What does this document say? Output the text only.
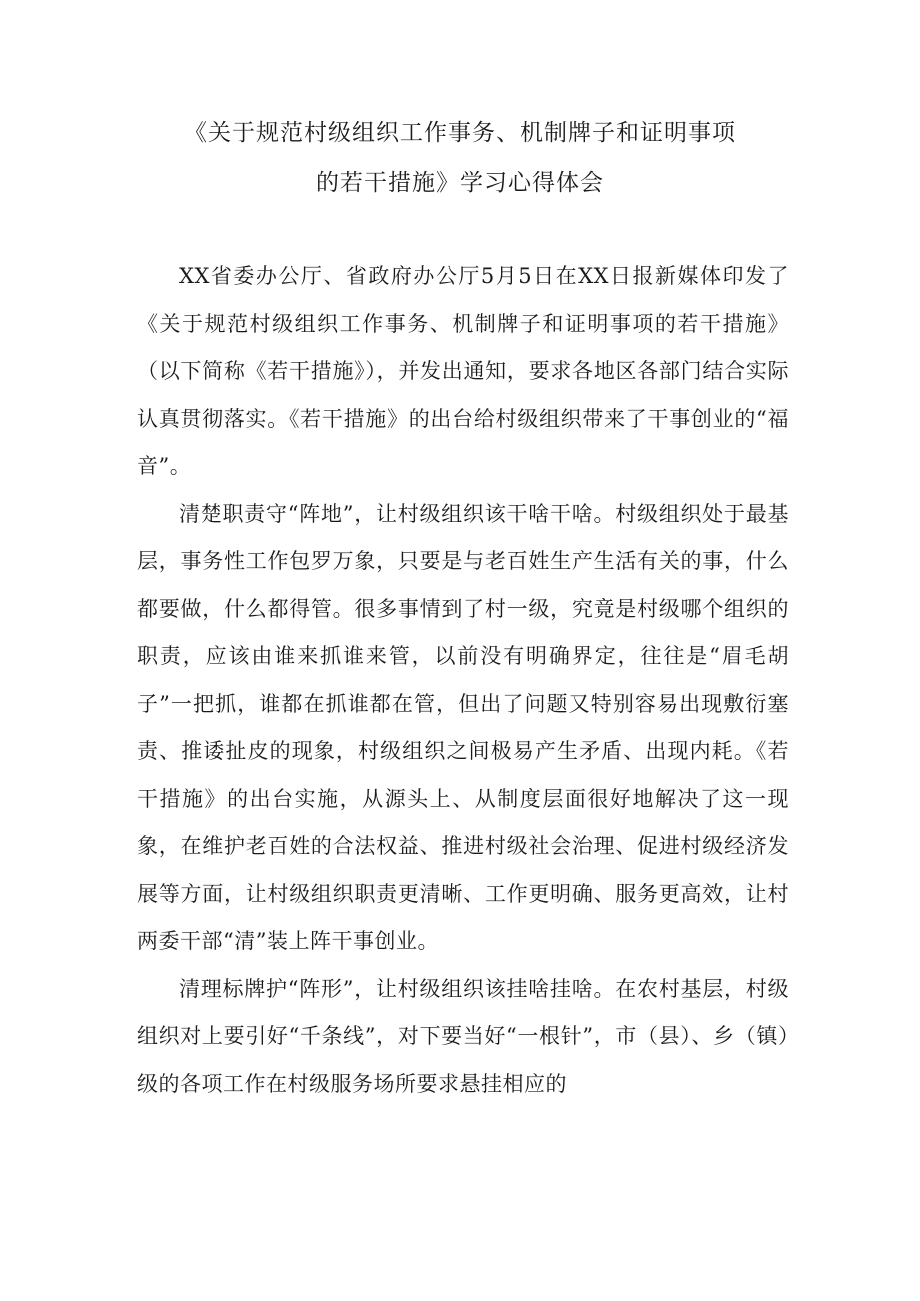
《关于规范村级组织工作事务、机制牌子和证明事项
的若干措施》学习心得体会

XX省委办公厅、省政府办公厅5月5日在XX日报新媒体印发了《关于规范村级组织工作事务、机制牌子和证明事项的若干措施》（以下简称《若干措施》），并发出通知，要求各地区各部门结合实际认真贯彻落实。《若干措施》的出台给村级组织带来了干事创业的“福音”。

清楚职责守“阵地”，让村级组织该干啥干啥。村级组织处于最基层，事务性工作包罗万象，只要是与老百姓生产生活有关的事，什么都要做，什么都得管。很多事情到了村一级，究竟是村级哪个组织的职责，应该由谁来抓谁来管，以前没有明确界定，往往是“眉毛胡子”一把抓，谁都在抓谁都在管，但出了问题又特别容易出现敷衍塞责、推诿扯皮的现象，村级组织之间极易产生矛盾、出现内耗。《若干措施》的出台实施，从源头上、从制度层面很好地解决了这一现象，在维护老百姓的合法权益、推进村级社会治理、促进村级经济发展等方面，让村级组织职责更清晰、工作更明确、服务更高效，让村两委干部“清”装上阵干事创业。

清理标牌护“阵形”，让村级组织该挂啥挂啥。在农村基层，村级组织对上要引好“千条线”，对下要当好“一根针”，市（县）、乡（镇）级的各项工作在村级服务场所要求悬挂相应的
